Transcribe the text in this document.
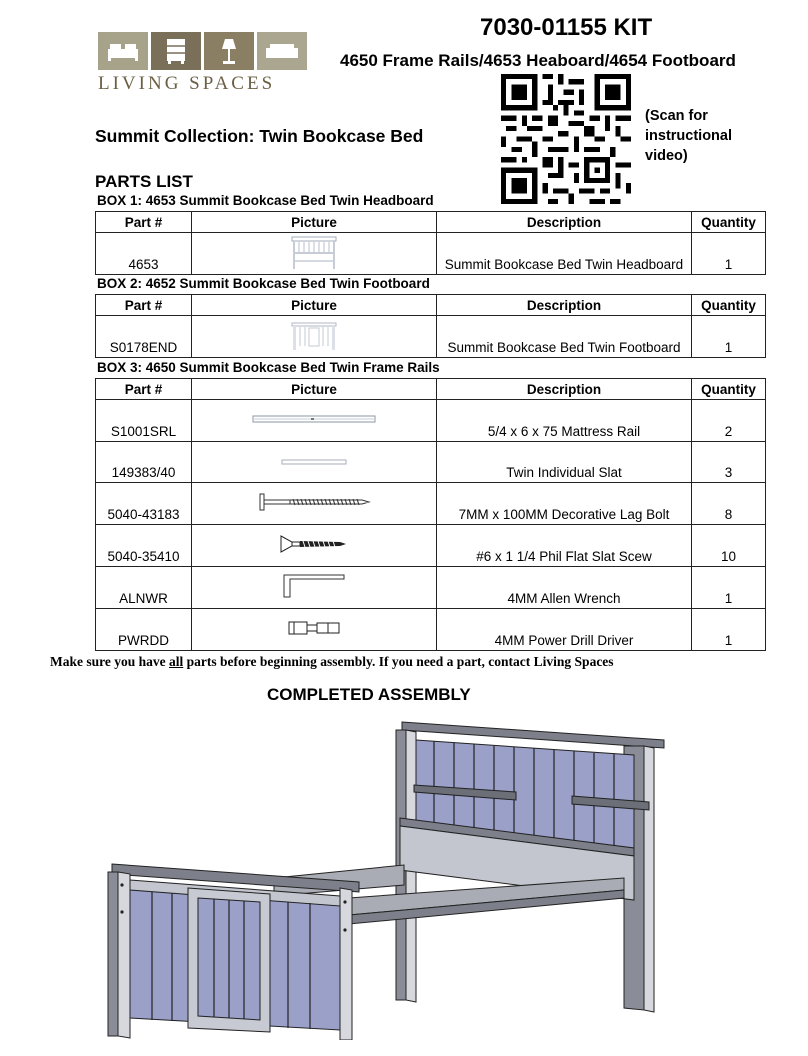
LIVING SPACES
7030-01155 KIT
4650 Frame Rails/4653 Heaboard/4654 Footboard
(Scan for instructional video)
Summit Collection: Twin Bookcase Bed
PARTS LIST
BOX 1: 4653 Summit Bookcase Bed Twin Headboard
Part #	Picture	Description	Quantity
4653		Summit Bookcase Bed Twin Headboard	1
BOX 2: 4652 Summit Bookcase Bed Twin Footboard
Part #	Picture	Description	Quantity
S0178END		Summit Bookcase Bed Twin Footboard	1
BOX 3: 4650 Summit Bookcase Bed Twin Frame Rails
Part #	Picture	Description	Quantity
S1001SRL		5/4 x 6 x 75 Mattress Rail	2
149383/40		Twin Individual Slat	3
5040-43183		7MM x 100MM Decorative Lag Bolt	8
5040-35410		#6 x 1 1/4 Phil Flat Slat Scew	10
ALNWR		4MM Allen Wrench	1
PWRDD		4MM Power Drill Driver	1
Make sure you have all parts before beginning assembly. If you need a part, contact Living Spaces
COMPLETED ASSEMBLY
